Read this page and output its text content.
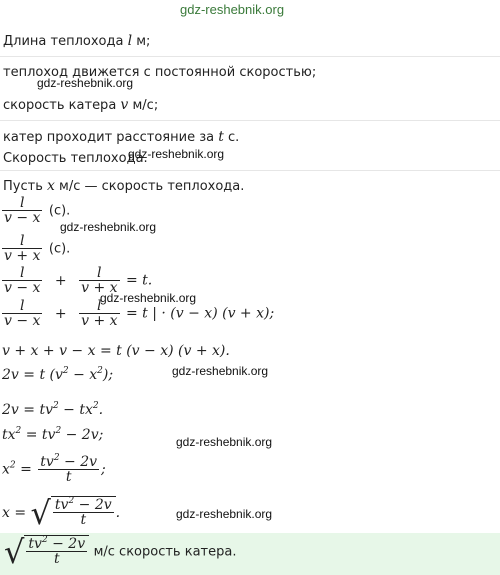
gdz-reshebnik.org
Длина теплохода l м;
теплоход движется с постоянной скоростью;
gdz-reshebnik.org
скорость катера v м/с;
катер проходит расстояние за t с.
Скорость теплохода.
gdz-reshebnik.org
Пусть x м/с — скорость теплохода.
$\frac{l}{v - x} (с)$.
gdz-reshebnik.org
$\frac{l}{v + x} (с)$.
$\frac{l}{v - x} + \frac{l}{v + x} = t$.
gdz-reshebnik.org
$\frac{l}{v - x} + \frac{l}{v + x} = t$ | · (v − x) (v + x);
v + x + v − x = t (v − x) (v + x).
2v = t $(v^2 - x^2)$;	gdz-reshebnik.org
$2v = tv^2 - tx^2$.
$tx^2 = tv^2 - 2v$;	gdz-reshebnik.org
$x^2 = \frac{tv^2 - 2v}{t}$ ;
x = √ $\frac{tv^2 - 2v}{t}$ .	gdz-reshebnik.org
√ $\frac{tv^2 - 2v}{t} м/с$ скорость катера.
